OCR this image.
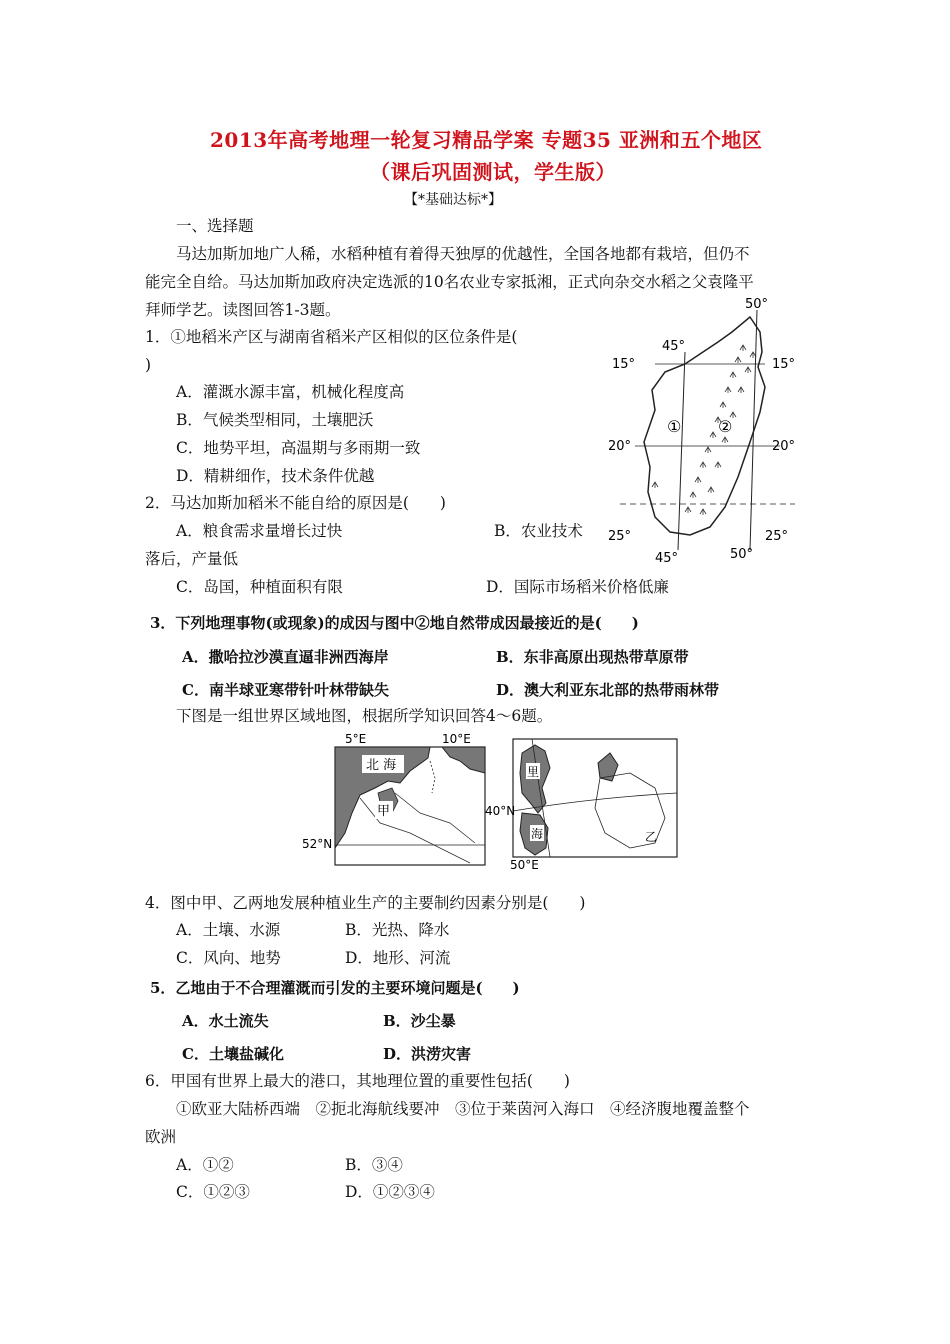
2013年高考地理一轮复习精品学案 专题35 亚洲和五个地区
（课后巩固测试，学生版）
【*基础达标*】
一、选择题
马达加斯加地广人稀，水稻种植有着得天独厚的优越性，全国各地都有栽培，但仍不
能完全自给。马达加斯加政府决定选派的10名农业专家抵湘，正式向杂交水稻之父袁隆平
拜师学艺。读图回答1-3题。
1．①地稻米产区与湖南省稻米产区相似的区位条件是(
)
A．灌溉水源丰富，机械化程度高
B．气候类型相同，土壤肥沃
C．地势平坦，高温期与多雨期一致
D．精耕细作，技术条件优越
2．马达加斯加稻米不能自给的原因是(　　)
A．粮食需求量增长过快	B．农业技术
落后，产量低
C．岛国，种植面积有限	D．国际市场稻米价格低廉
50°
45°
15°	15°
20°	20°
25°	25°
45°	50°
① ②
3．下列地理事物(或现象)的成因与图中②地自然带成因最接近的是(　　)
A．撒哈拉沙漠直逼非洲西海岸	B．东非高原出现热带草原带
C．南半球亚寒带针叶林带缺失	D．澳大利亚东北部的热带雨林带
下图是一组世界区域地图，根据所学知识回答4～6题。
5°E	10°E
北 海
甲
52°N
里
海
40°N
50°E
乙
4．图中甲、乙两地发展种植业生产的主要制约因素分别是(　　)
A．土壤、水源	B．光热、降水
C．风向、地势	D．地形、河流
5．乙地由于不合理灌溉而引发的主要环境问题是(　　)
A．水土流失	B．沙尘暴
C．土壤盐碱化	D．洪涝灾害
6．甲国有世界上最大的港口，其地理位置的重要性包括(　　)
①欧亚大陆桥西端　②扼北海航线要冲　③位于莱茵河入海口　④经济腹地覆盖整个
欧洲
A．①②	B．③④
C．①②③	D．①②③④
